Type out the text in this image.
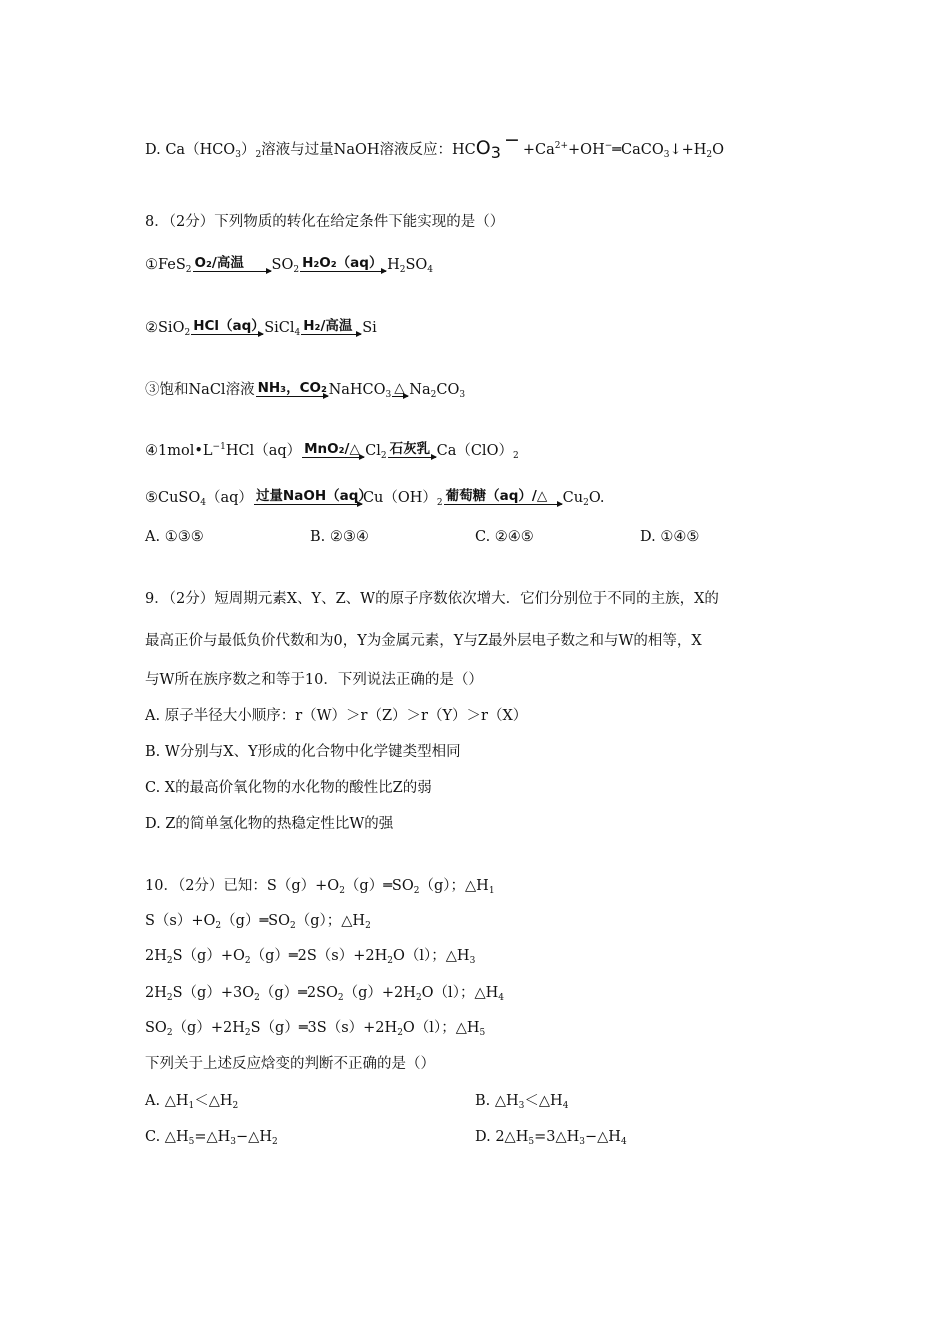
D. $Ca(HCO_3)_2$溶液与过量NaOH溶液反应：$HCO3- +Ca^{2+}+OH^-═CaCO_3↓+H_2O$
8．（2分）下列物质的转化在给定条件下能实现的是（）
①FeS$_2$ O₂/高温	$SO_2$ H₂O₂（aq） $H_2SO_4$
②SiO$_2$ HCl（aq） SiCl$_4$ H₂/高温 Si
③饱和NaCl溶液 NH₃，CO₂ NaHCO$_3$ △ $Na_2CO_3$
$④1mol•L^{-1}HCl(aq)$ MnO₂/△ $Cl_2$ 石灰乳 $Ca(ClO)_2$
⑤CuSO$_4$（aq） 过量NaOH（aq）
$Cu(OH)_2$ 葡萄糖（aq）/△	$Cu_2O$.
A. ①③⑤	B. ②③④	C. ②④⑤	D. ①④⑤
9．（2分）短周期元素X、Y、Z、W的原子序数依次增大．它们分别位于不同的主族，X的
最高正价与最低负价代数和为0，Y为金属元素，Y与Z最外层电子数之和与W的相等，X
与W所在族序数之和等于10．下列说法正确的是（）
A. 原子半径大小顺序：r（W）＞r（Z）＞r（Y）＞r（X）
B. W分别与X、Y形成的化合物中化学键类型相同
C. X的最高价氧化物的水化物的酸性比Z的弱
D. Z的简单氢化物的热稳定性比W的强
10．（2分）已知：$S(g)+O_2(g)═SO_2(g)$；$\triangle H_1$
$S(s)+O_2(g)═SO_2(g)$；$\triangle H_2$
$2H_2S(g)+O_2(g)═2S(s)+2H_2O(l)$；$\triangle H_3$
$2H_2S(g)+3O_2(g)═2SO_2(g)+2H_2O(l)$；$\triangle H_4$
$SO_2(g)+2H_2S(g)═3S(s)+2H_2O(l)$；$\triangle H_5$
下列关于上述反应焓变的判断不正确的是（）
A. $\triangle H_1<\triangle H_2$	B. $\triangle H_3<\triangle H_4$
C. $\triangle H_5=\triangle H_3-\triangle H_2$	D. $2\triangle H_5=3\triangle H_3-\triangle H_4$
